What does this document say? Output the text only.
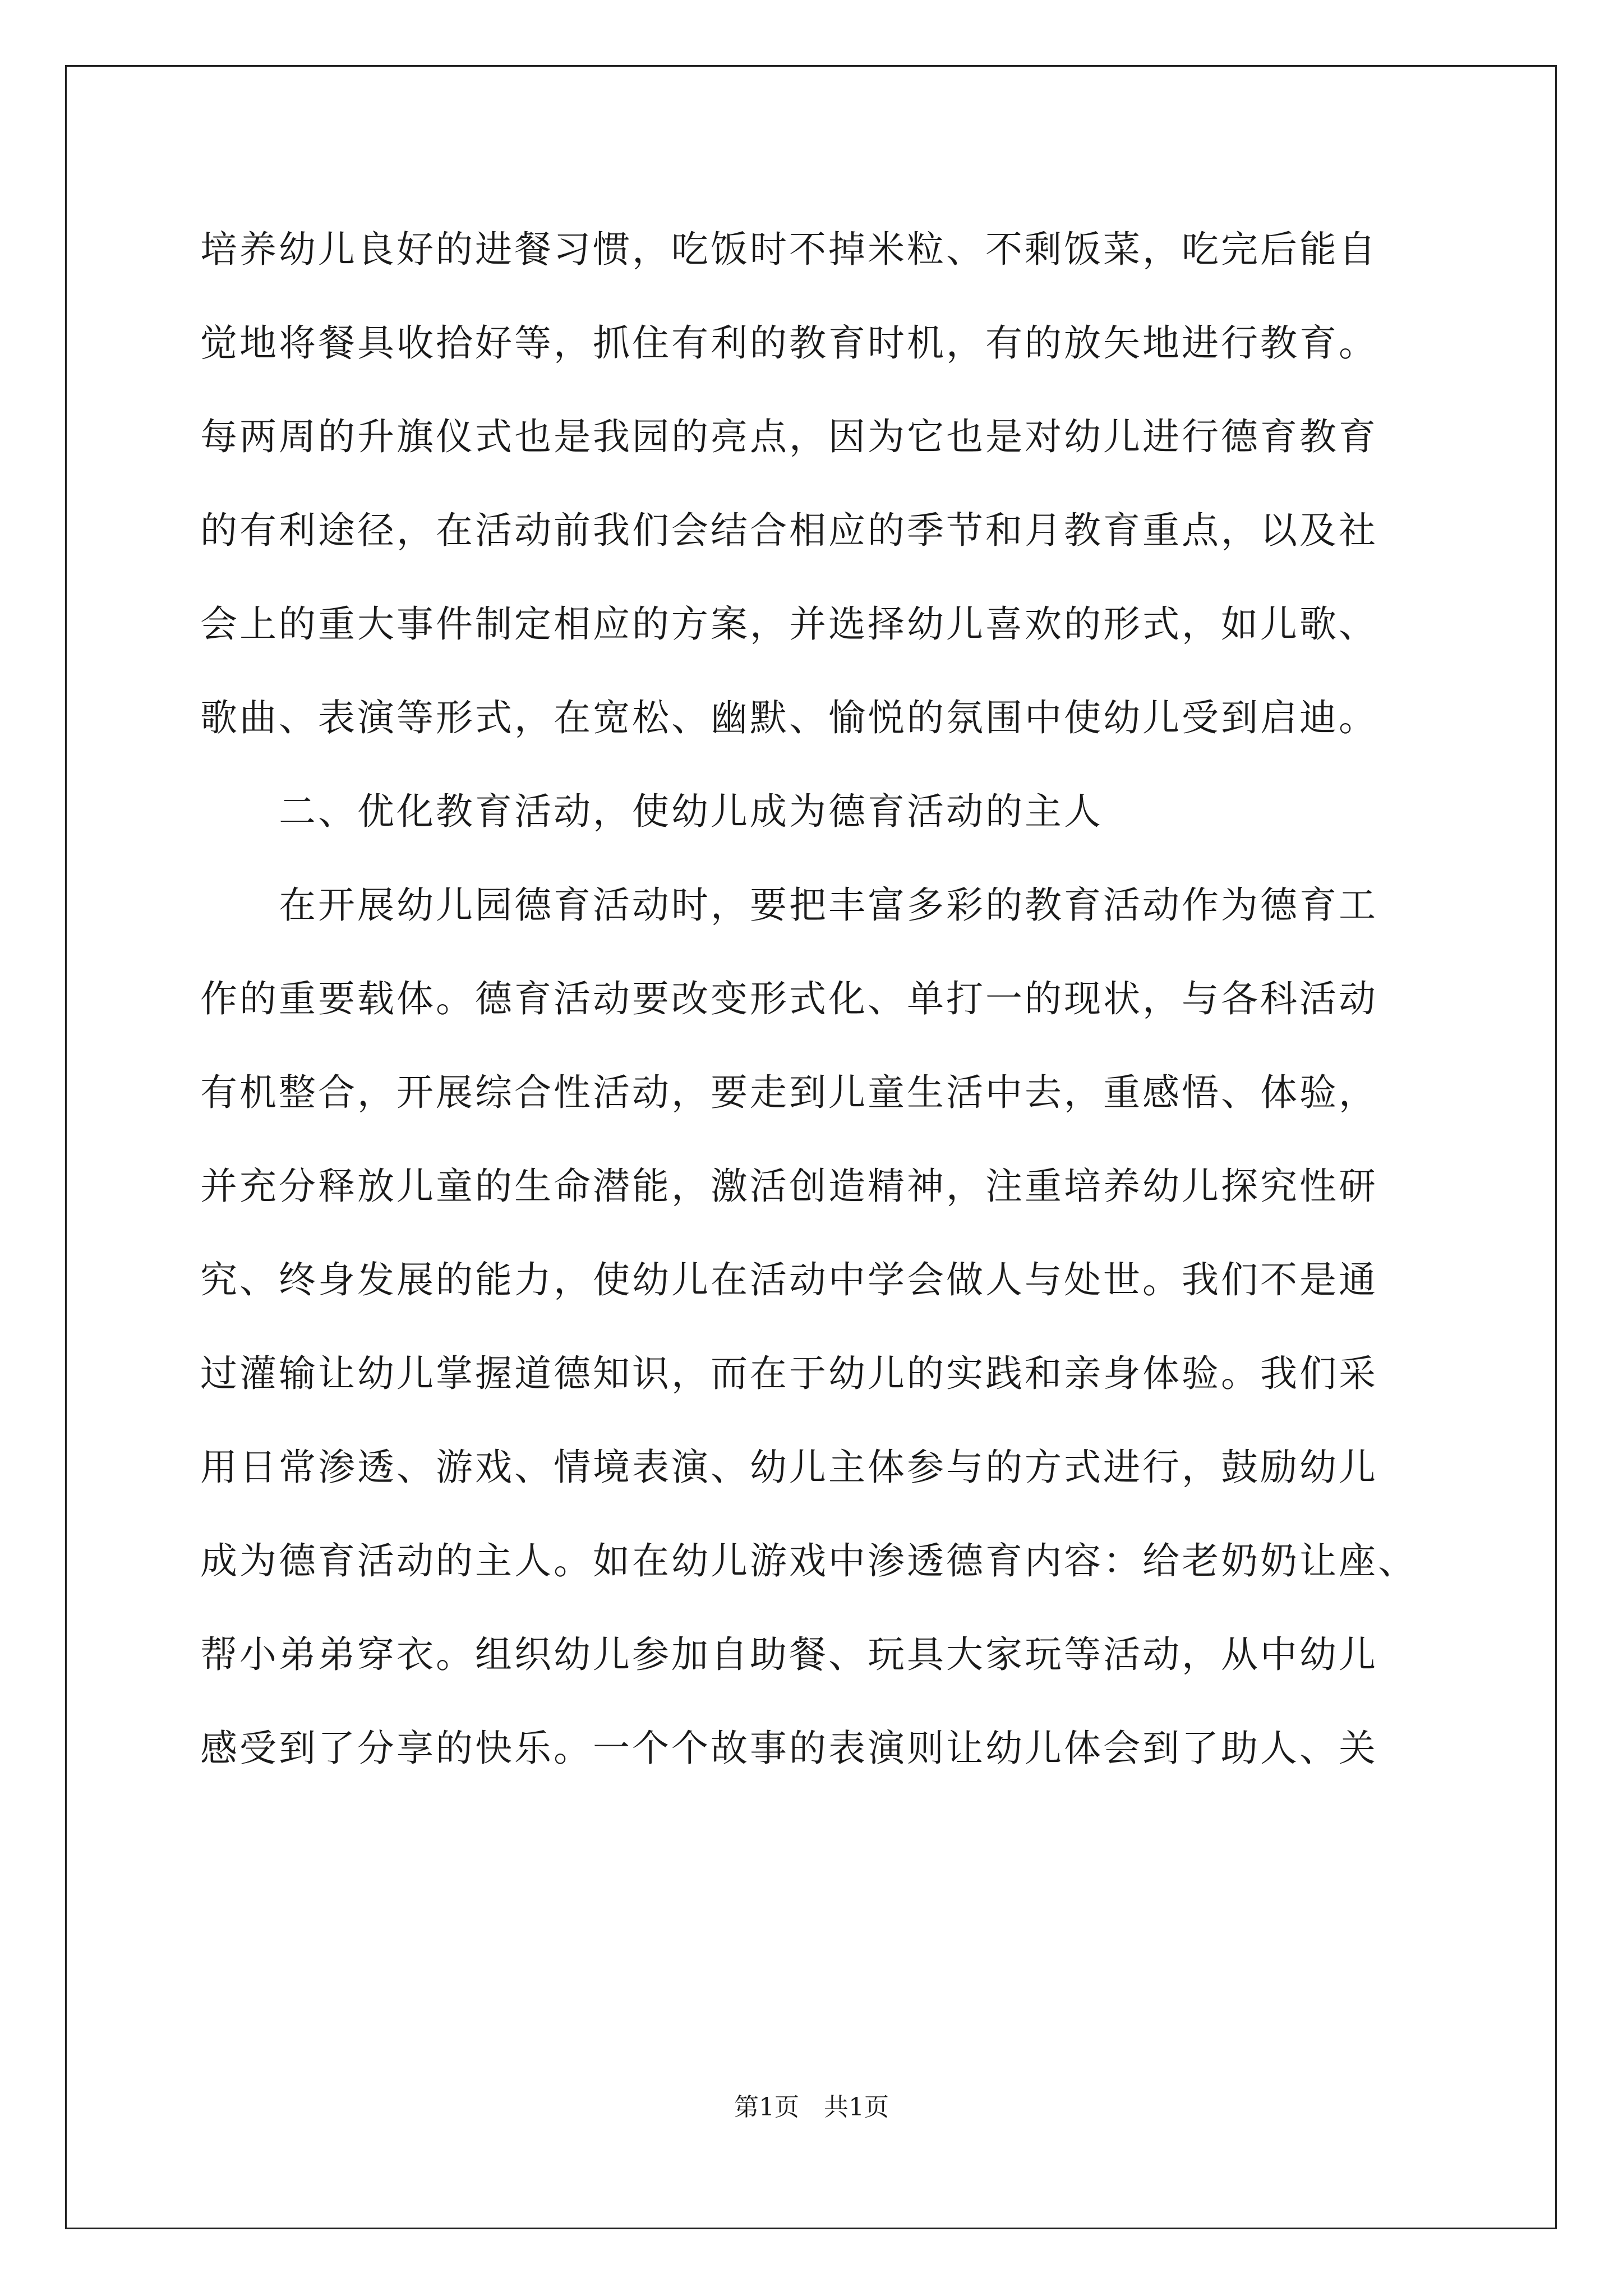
培养幼儿良好的进餐习惯，吃饭时不掉米粒、不剩饭菜，吃完后能自
觉地将餐具收拾好等，抓住有利的教育时机，有的放矢地进行教育。
每两周的升旗仪式也是我园的亮点，因为它也是对幼儿进行德育教育
的有利途径，在活动前我们会结合相应的季节和月教育重点，以及社
会上的重大事件制定相应的方案，并选择幼儿喜欢的形式，如儿歌、
歌曲、表演等形式，在宽松、幽默、愉悦的氛围中使幼儿受到启迪。
　　二、优化教育活动，使幼儿成为德育活动的主人
　　在开展幼儿园德育活动时，要把丰富多彩的教育活动作为德育工
作的重要载体。德育活动要改变形式化、单打一的现状，与各科活动
有机整合，开展综合性活动，要走到儿童生活中去，重感悟、体验，
并充分释放儿童的生命潜能，激活创造精神，注重培养幼儿探究性研
究、终身发展的能力，使幼儿在活动中学会做人与处世。我们不是通
过灌输让幼儿掌握道德知识，而在于幼儿的实践和亲身体验。我们采
用日常渗透、游戏、情境表演、幼儿主体参与的方式进行，鼓励幼儿
成为德育活动的主人。如在幼儿游戏中渗透德育内容：给老奶奶让座、
帮小弟弟穿衣。组织幼儿参加自助餐、玩具大家玩等活动，从中幼儿
感受到了分享的快乐。一个个故事的表演则让幼儿体会到了助人、关
第1页　共1页
